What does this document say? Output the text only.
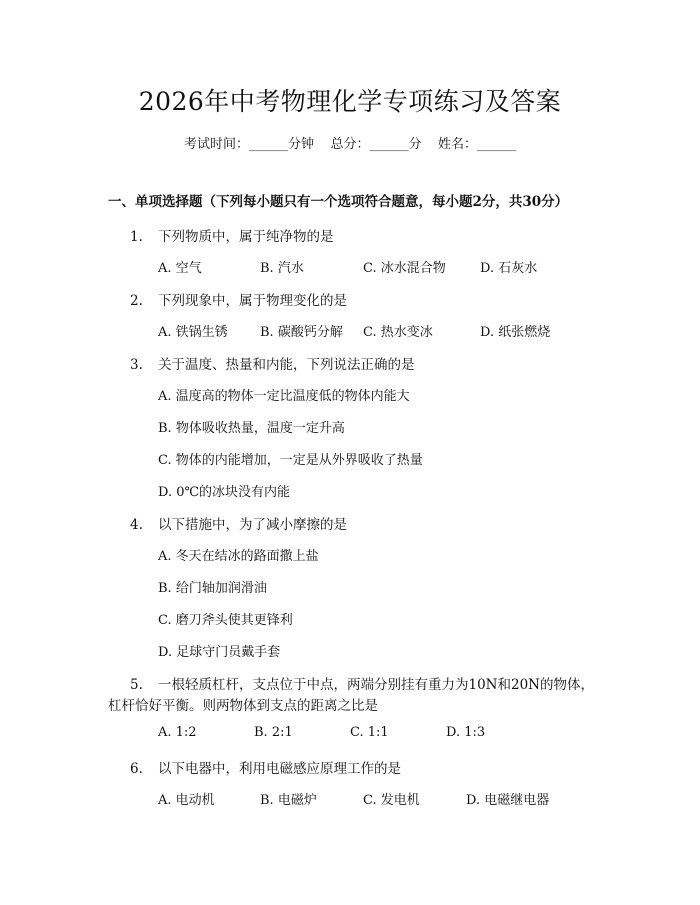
2026年中考物理化学专项练习及答案
考试时间：______分钟    总分：______分    姓名：______
一、单项选择题（下列每小题只有一个选项符合题意，每小题2分，共30分）
1. 下列物质中，属于纯净物的是
A. 空气	B. 汽水	C. 冰水混合物	D. 石灰水
2. 下列现象中，属于物理变化的是
A. 铁锅生锈 B. 碳酸钙分解 C. 热水变冰	D. 纸张燃烧
3. 关于温度、热量和内能，下列说法正确的是
A. 温度高的物体一定比温度低的物体内能大
B. 物体吸收热量，温度一定升高
C. 物体的内能增加，一定是从外界吸收了热量
D. 0℃的冰块没有内能
4. 以下措施中，为了减小摩擦的是
A. 冬天在结冰的路面撒上盐
B. 给门轴加润滑油
C. 磨刀斧头使其更锋利
D. 足球守门员戴手套
5. 一根轻质杠杆，支点位于中点，两端分别挂有重力为10N和20N的物体，
杠杆恰好平衡。则两物体到支点的距离之比是
A. 1:2	B. 2:1	C. 1:1	D. 1:3
6. 以下电器中，利用电磁感应原理工作的是
A. 电动机	B. 电磁炉	C. 发电机	D. 电磁继电器
